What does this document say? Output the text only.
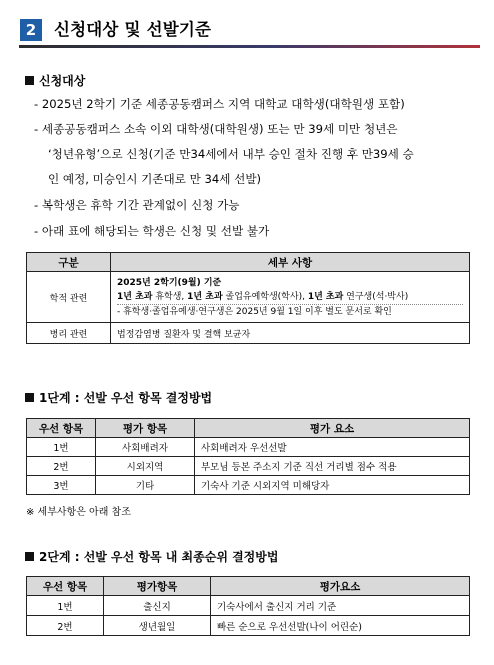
2	신청대상 및 선발기준
신청대상
- 2025년 2학기 기준 세종공동캠퍼스 지역 대학교 대학생(대학원생 포함)
- 세종공동캠퍼스 소속 이외 대학생(대학원생) 또는 만 39세 미만 청년은
‘청년유형’으로 신청(기준 만34세에서 내부 승인 절차 진행 후 만39세 승
인 예정, 미승인시 기존대로 만 34세 선발)
- 복학생은 휴학 기간 관계없이 신청 가능
- 아래 표에 해당되는 학생은 신청 및 선발 불가
구분	세부 사항
학적 관련	2025년 2학기(9월) 기준
1년 초과 휴학생, 1년 초과 졸업유예학생(학사), 1년 초과 연구생(석·박사)
- 휴학생·졸업유예생·연구생은 2025년 9월 1일 이후 별도 문서로 확인

병리 관련	법정감염병 질환자 및 결핵 보균자
1단계 : 선발 우선 항목 결정방법
우선 항목	평가 항목	평가 요소
1번	사회배려자	사회배려자 우선선발
2번	시외지역	부모님 등본 주소지 기준 직선 거리별 점수 적용
3번	기타	기숙사 기준 시외지역 미해당자
※ 세부사항은 아래 참조
2단계 : 선발 우선 항목 내 최종순위 결정방법
우선 항목	평가항목	평가요소
1번	출신지	기숙사에서 출신지 거리 기준
2번	생년월일	빠른 순으로 우선선발(나이 어린순)
